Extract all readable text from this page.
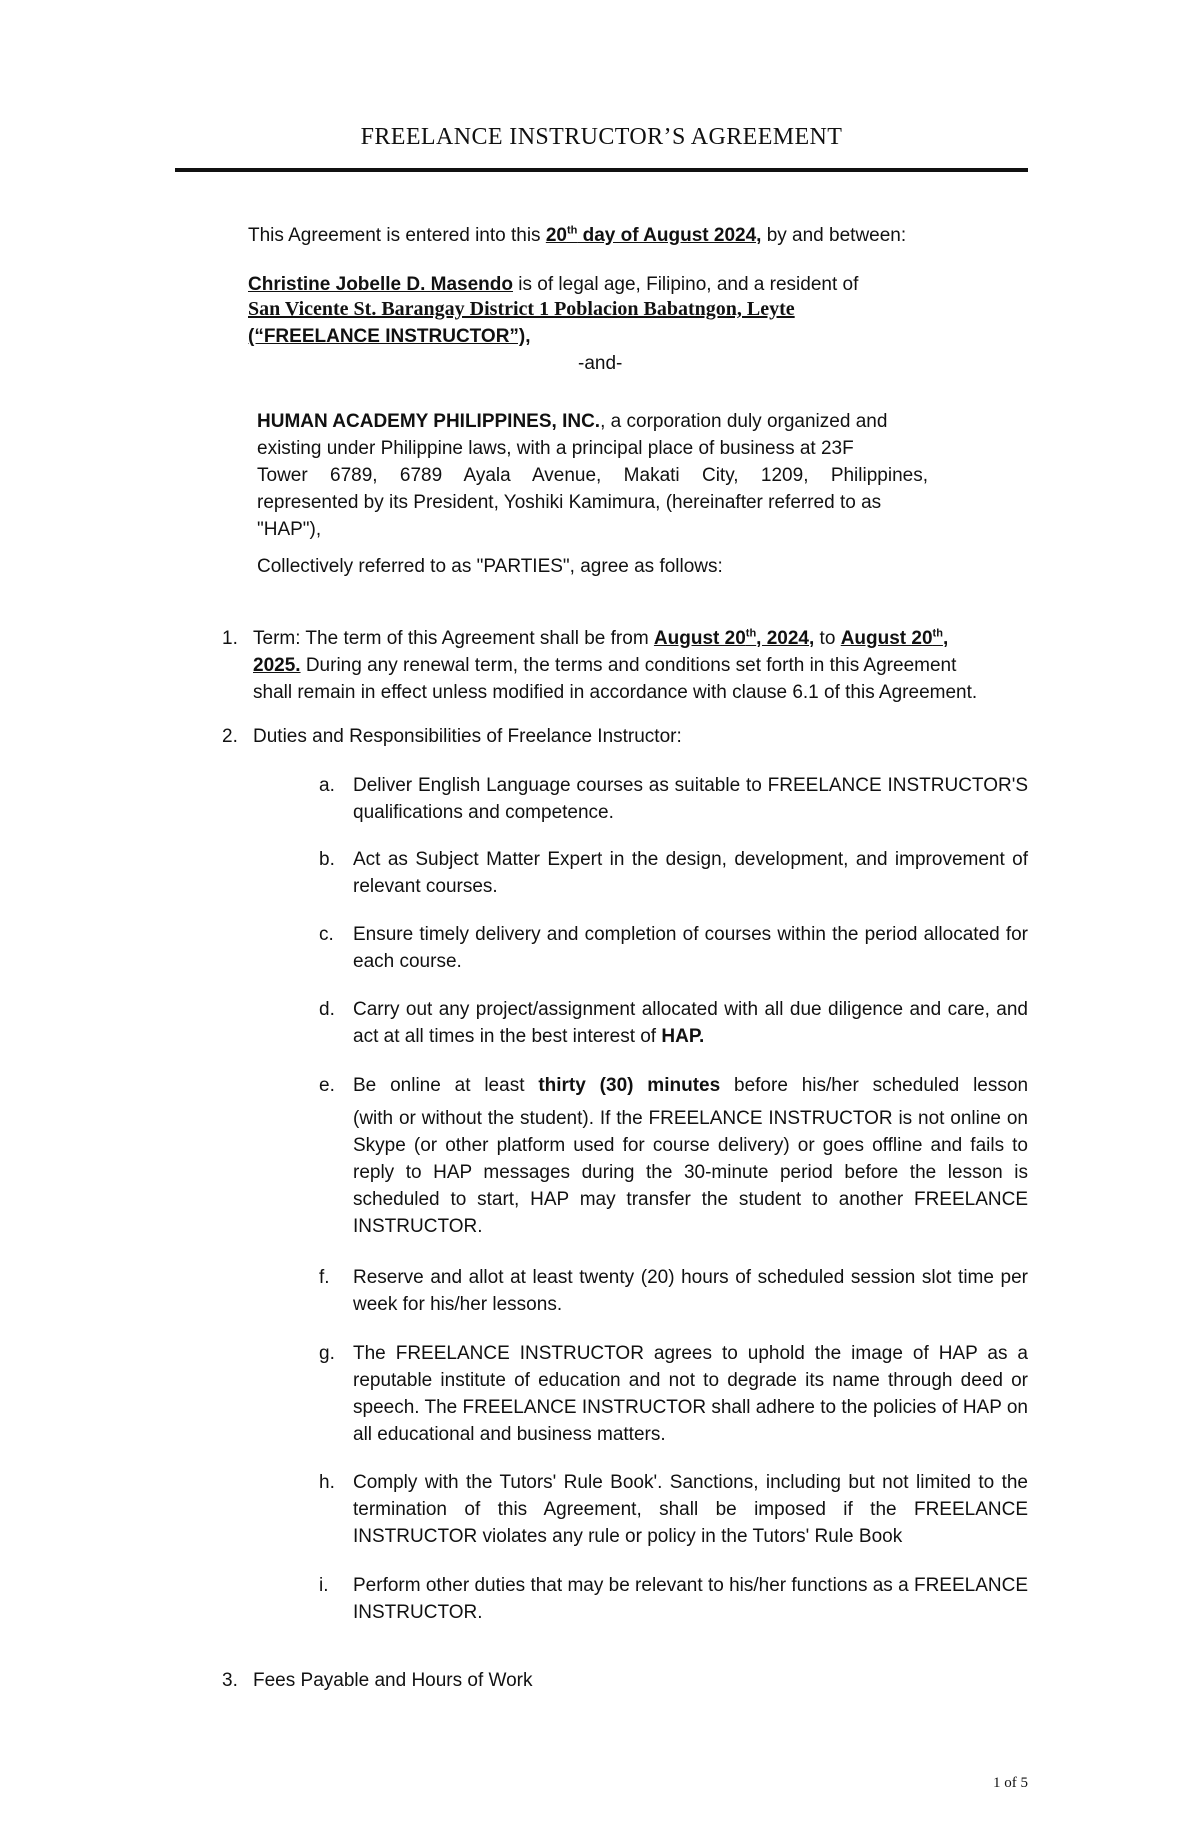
FREELANCE INSTRUCTOR’S AGREEMENT
This Agreement is entered into this 20th day of August 2024, by and between:
Christine Jobelle D. Masendo is of legal age, Filipino, and a resident of
San Vicente St. Barangay District 1 Poblacion Babatngon, Leyte
(“FREELANCE INSTRUCTOR”),
-and-
HUMAN ACADEMY PHILIPPINES, INC., a corporation duly organized and
existing under Philippine laws, with a principal place of business at 23F
Tower 6789, 6789 Ayala Avenue, Makati City, 1209, Philippines,
represented by its President, Yoshiki Kamimura, (hereinafter referred to as
"HAP"),
Collectively referred to as "PARTIES", agree as follows:
1. Term: The term of this Agreement shall be from August 20th, 2024, to August 20th,
2025. During any renewal term, the terms and conditions set forth in this Agreement
shall remain in effect unless modified in accordance with clause 6.1 of this Agreement.
2. Duties and Responsibilities of Freelance Instructor:
a. Deliver English Language courses as suitable to FREELANCE INSTRUCTOR'S qualifications and competence.
b. Act as Subject Matter Expert in the design, development, and improvement of relevant courses.
c.	Ensure timely delivery and completion of courses within the period allocated for each course.
d. Carry out any project/assignment allocated with all due diligence and care, and act at all times in the best interest of HAP.
e. Be online at least thirty (30) minutes before his/her scheduled lesson
(with or without the student). If the FREELANCE INSTRUCTOR is not online on Skype (or other platform used for course delivery) or goes offline and fails to reply to HAP messages during the 30-minute period before the lesson is scheduled to start, HAP may transfer the student to another FREELANCE INSTRUCTOR.
f.	Reserve and allot at least twenty (20) hours of scheduled session slot time per week for his/her lessons.
g. The FREELANCE INSTRUCTOR agrees to uphold the image of HAP as a reputable institute of education and not to degrade its name through deed or speech. The FREELANCE INSTRUCTOR shall adhere to the policies of HAP on all educational and business matters.
h. Comply with the Tutors' Rule Book'. Sanctions, including but not limited to the termination of this Agreement, shall be imposed if the FREELANCE INSTRUCTOR violates any rule or policy in the Tutors' Rule Book
i.	Perform other duties that may be relevant to his/her functions as a FREELANCE INSTRUCTOR.
3. Fees Payable and Hours of Work
1 of 5
